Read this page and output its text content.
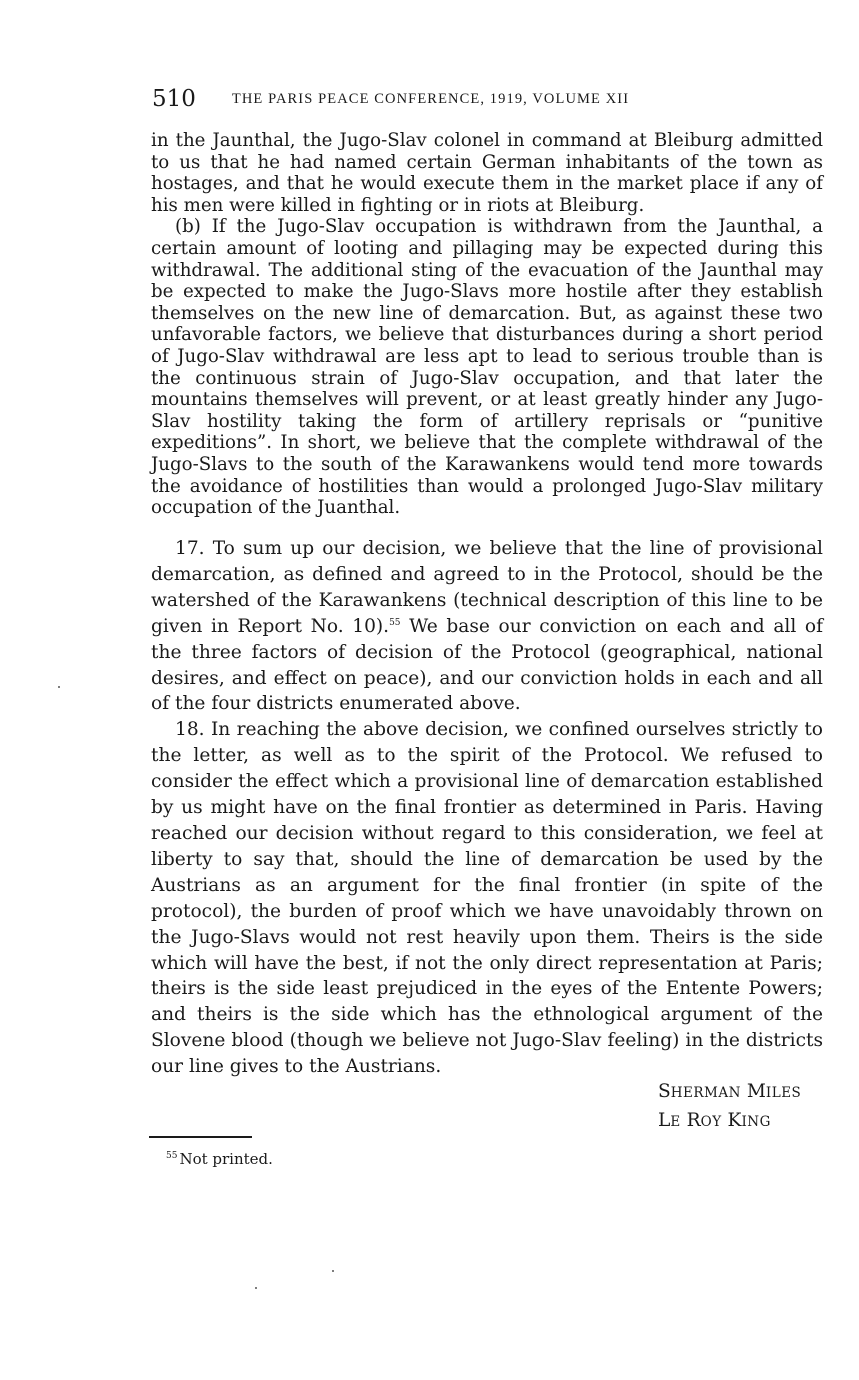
510 THE PARIS PEACE CONFERENCE, 1919, VOLUME XII

in the Jaunthal, the Jugo-Slav colonel in command at Bleiburg admitted to us that he had named certain German inhabitants of the town as hostages, and that he would execute them in the market place if any of his men were killed in fighting or in riots at Bleiburg.

(b) If the Jugo-Slav occupation is withdrawn from the Jaunthal, a certain amount of looting and pillaging may be expected during this withdrawal. The additional sting of the evacuation of the Jaunthal may be expected to make the Jugo-Slavs more hostile after they establish themselves on the new line of demarcation. But, as against these two unfavorable factors, we believe that disturbances during a short period of Jugo-Slav withdrawal are less apt to lead to serious trouble than is the continuous strain of Jugo-Slav occupation, and that later the mountains themselves will prevent, or at least greatly hinder any Jugo-Slav hostility taking the form of artillery reprisals or “punitive expeditions”. In short, we believe that the complete withdrawal of the Jugo-Slavs to the south of the Karawankens would tend more towards the avoidance of hostilities than would a prolonged Jugo-Slav military occupation of the Juanthal.

17. To sum up our decision, we believe that the line of provisional demarcation, as defined and agreed to in the Protocol, should be the watershed of the Karawankens (technical description of this line to be given in Report No. 10).$^{55}$ We base our conviction on each and all of the three factors of decision of the Protocol (geographical, national desires, and effect on peace), and our conviction holds in each and all of the four districts enumerated above.

18. In reaching the above decision, we confined ourselves strictly to the letter, as well as to the spirit of the Protocol. We refused to consider the effect which a provisional line of demarcation established by us might have on the final frontier as determined in Paris. Having reached our decision without regard to this consideration, we feel at liberty to say that, should the line of demarcation be used by the Austrians as an argument for the final frontier (in spite of the protocol), the burden of proof which we have unavoidably thrown on the Jugo-Slavs would not rest heavily upon them. Theirs is the side which will have the best, if not the only direct representation at Paris; theirs is the side least prejudiced in the eyes of the Entente Powers; and theirs is the side which has the ethnological argument of the Slovene blood (though we believe not Jugo-Slav feeling) in the districts our line gives to the Austrians.

SHERMAN MILES
LE ROY KING
$^{55}$ Not printed.
